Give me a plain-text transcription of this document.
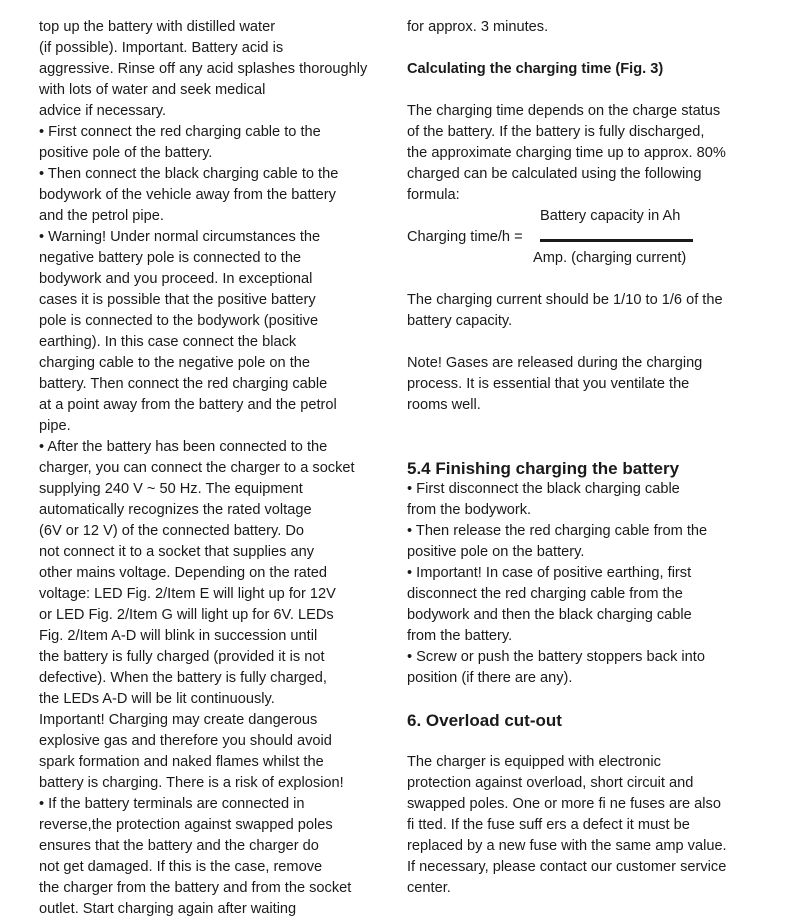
top up the battery with distilled water
(if possible). Important. Battery acid is
aggressive. Rinse off any acid splashes thoroughly
with lots of water and seek medical
advice if necessary.
• First connect the red charging cable to the
positive pole of the battery.
• Then connect the black charging cable to the
bodywork of the vehicle away from the battery
and the petrol pipe.
• Warning! Under normal circumstances the
negative battery pole is connected to the
bodywork and you proceed. In exceptional
cases it is possible that the positive battery
pole is connected to the bodywork (positive
earthing). In this case connect the black
charging cable to the negative pole on the
battery. Then connect the red charging cable
at a point away from the battery and the petrol
pipe.
• After the battery has been connected to the
charger, you can connect the charger to a socket
supplying 240 V ~ 50 Hz. The equipment
automatically recognizes the rated voltage
(6V or 12 V) of the connected battery. Do
not connect it to a socket that supplies any
other mains voltage. Depending on the rated
voltage: LED Fig. 2/Item E will light up for 12V
or LED Fig. 2/Item G will light up for 6V. LEDs
Fig. 2/Item A-D will blink in succession until
the battery is fully charged (provided it is not
defective). When the battery is fully charged,
the LEDs A-D will be lit continuously.
Important! Charging may create dangerous
explosive gas and therefore you should avoid
spark formation and naked flames whilst the
battery is charging. There is a risk of explosion!
• If the battery terminals are connected in
reverse,the protection against swapped poles
ensures that the battery and the charger do
not get damaged. If this is the case, remove
the charger from the battery and from the socket
outlet. Start charging again after waiting
for approx. 3 minutes.
Calculating the charging time (Fig. 3)
The charging time depends on the charge status
of the battery. If the battery is fully discharged,
the approximate charging time up to approx. 80%
charged can be calculated using the following
formula:
Charging time/h =
Battery capacity in Ah
Amp. (charging current)
The charging current should be 1/10 to 1/6 of the
battery capacity.
Note! Gases are released during the charging
process. It is essential that you ventilate the
rooms well.
5.4 Finishing charging the battery
• First disconnect the black charging cable
from the bodywork.
• Then release the red charging cable from the
positive pole on the battery.
• Important! In case of positive earthing, first
disconnect the red charging cable from the
bodywork and then the black charging cable
from the battery.
• Screw or push the battery stoppers back into
position (if there are any).
6. Overload cut-out
The charger is equipped with electronic
protection against overload, short circuit and
swapped poles. One or more fi ne fuses are also
fi tted. If the fuse suff ers a defect it must be
replaced by a new fuse with the same amp value.
If necessary, please contact our customer service
center.
